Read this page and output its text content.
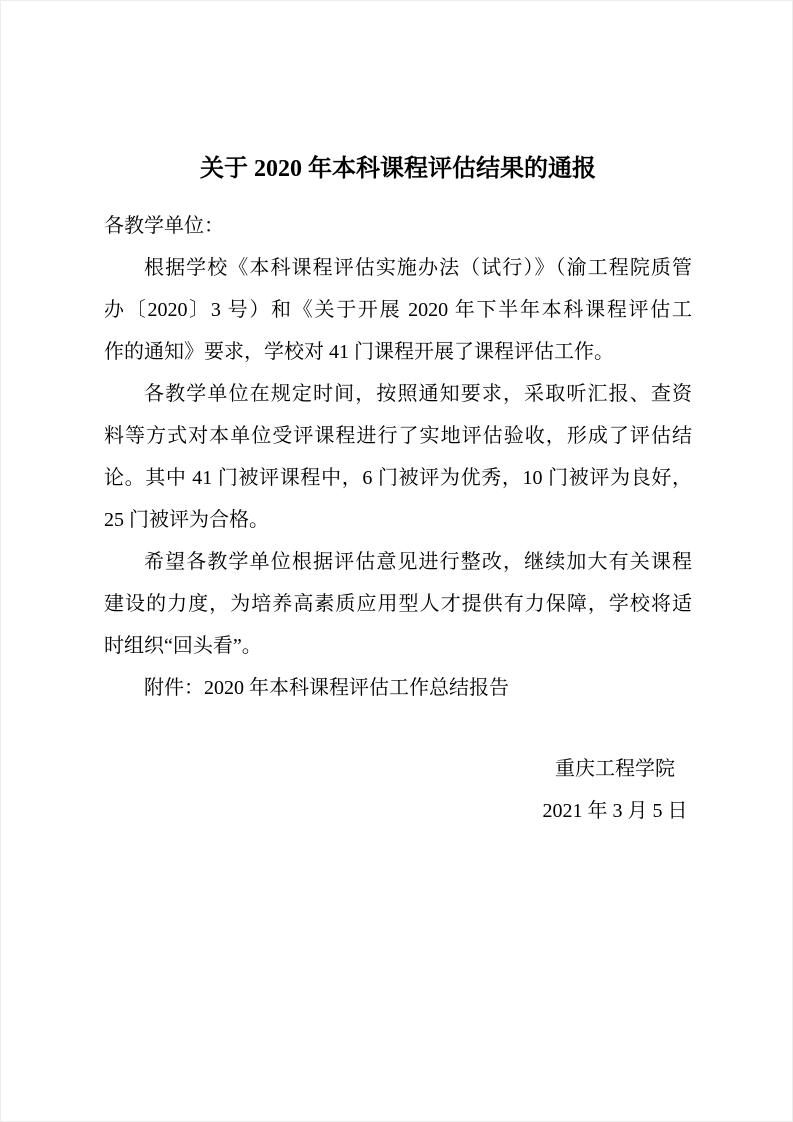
关于 2020 年本科课程评估结果的通报
各教学单位：
根据学校《本科课程评估实施办法（试行）》（渝工程院质管
办〔2020〕3 号）和《关于开展 2020 年下半年本科课程评估工
作的通知》要求，学校对 41 门课程开展了课程评估工作。
各教学单位在规定时间，按照通知要求，采取听汇报、查资
料等方式对本单位受评课程进行了实地评估验收，形成了评估结
论。其中 41 门被评课程中，6 门被评为优秀，10 门被评为良好，
25 门被评为合格。
希望各教学单位根据评估意见进行整改，继续加大有关课程
建设的力度，为培养高素质应用型人才提供有力保障，学校将适
时组织“回头看”。
附件：2020 年本科课程评估工作总结报告
重庆工程学院
2021 年 3 月 5 日
